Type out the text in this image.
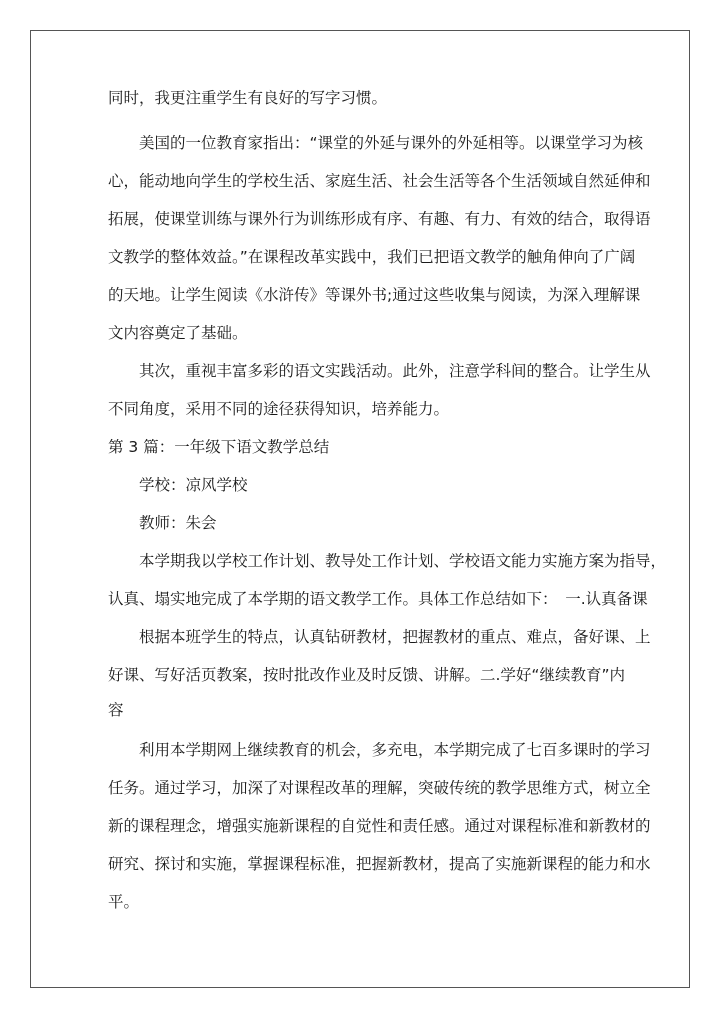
同时，我更注重学生有良好的写字习惯。
美国的一位教育家指出：“课堂的外延与课外的外延相等。以课堂学习为核
心，能动地向学生的学校生活、家庭生活、社会生活等各个生活领域自然延伸和
拓展，使课堂训练与课外行为训练形成有序、有趣、有力、有效的结合，取得语
文教学的整体效益。”在课程改革实践中，我们已把语文教学的触角伸向了广阔
的天地。让学生阅读《水浒传》等课外书;通过这些收集与阅读，为深入理解课
文内容奠定了基础。
其次，重视丰富多彩的语文实践活动。此外，注意学科间的整合。让学生从
不同角度，采用不同的途径获得知识，培养能力。
第 3 篇：一年级下语文教学总结
学校：凉风学校
教师：朱会
本学期我以学校工作计划、教导处工作计划、学校语文能力实施方案为指导，
认真、塌实地完成了本学期的语文教学工作。具体工作总结如下：　一.认真备课
根据本班学生的特点，认真钻研教材，把握教材的重点、难点，备好课、上
好课、写好活页教案，按时批改作业及时反馈、讲解。二.学好“继续教育”内
容
利用本学期网上继续教育的机会，多充电，本学期完成了七百多课时的学习
任务。通过学习，加深了对课程改革的理解，突破传统的教学思维方式，树立全
新的课程理念，增强实施新课程的自觉性和责任感。通过对课程标准和新教材的
研究、探讨和实施，掌握课程标准，把握新教材，提高了实施新课程的能力和水
平。
